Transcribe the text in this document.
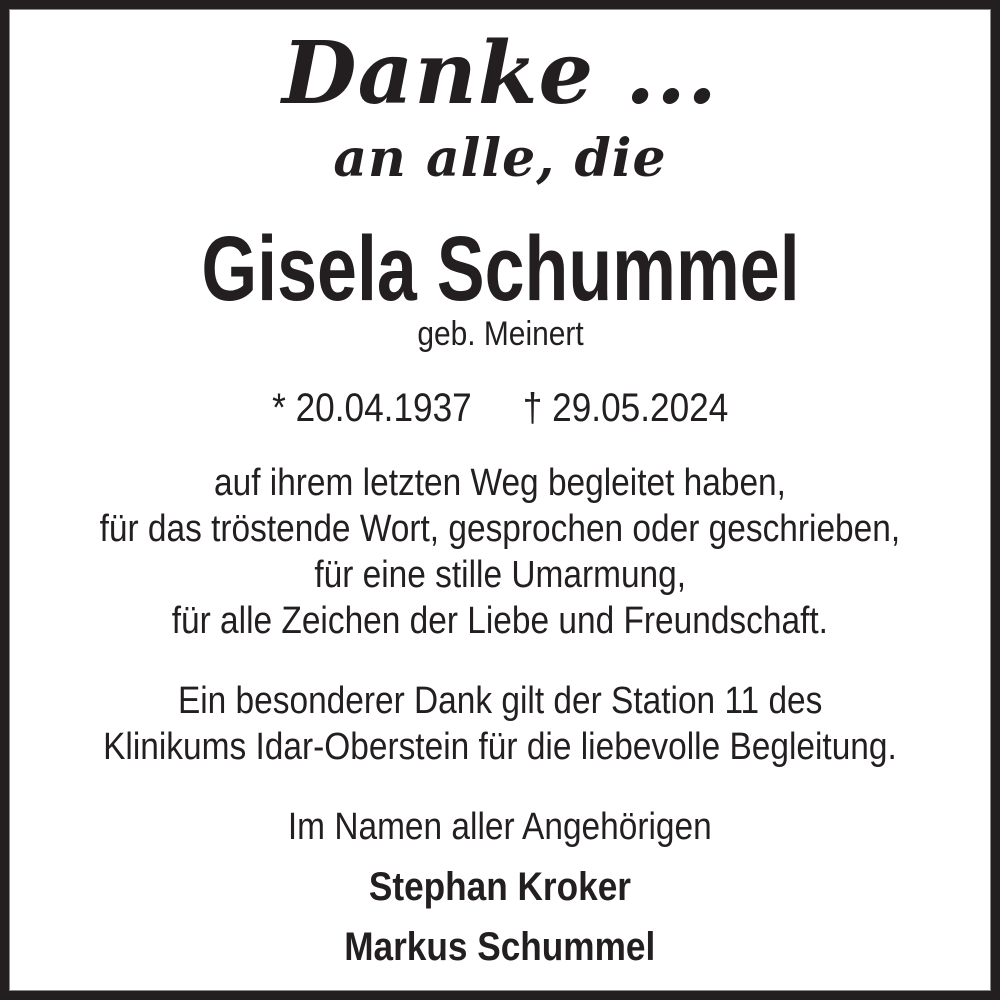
Danke ...
an alle, die
Gisela Schummel
geb. Meinert
* 20.04.1937 † 29.05.2024
auf ihrem letzten Weg begleitet haben,
für das tröstende Wort, gesprochen oder geschrieben,
für eine stille Umarmung,
für alle Zeichen der Liebe und Freundschaft.
Ein besonderer Dank gilt der Station 11 des
Klinikums Idar-Oberstein für die liebevolle Begleitung.
Im Namen aller Angehörigen
Stephan Kroker
Markus Schummel
